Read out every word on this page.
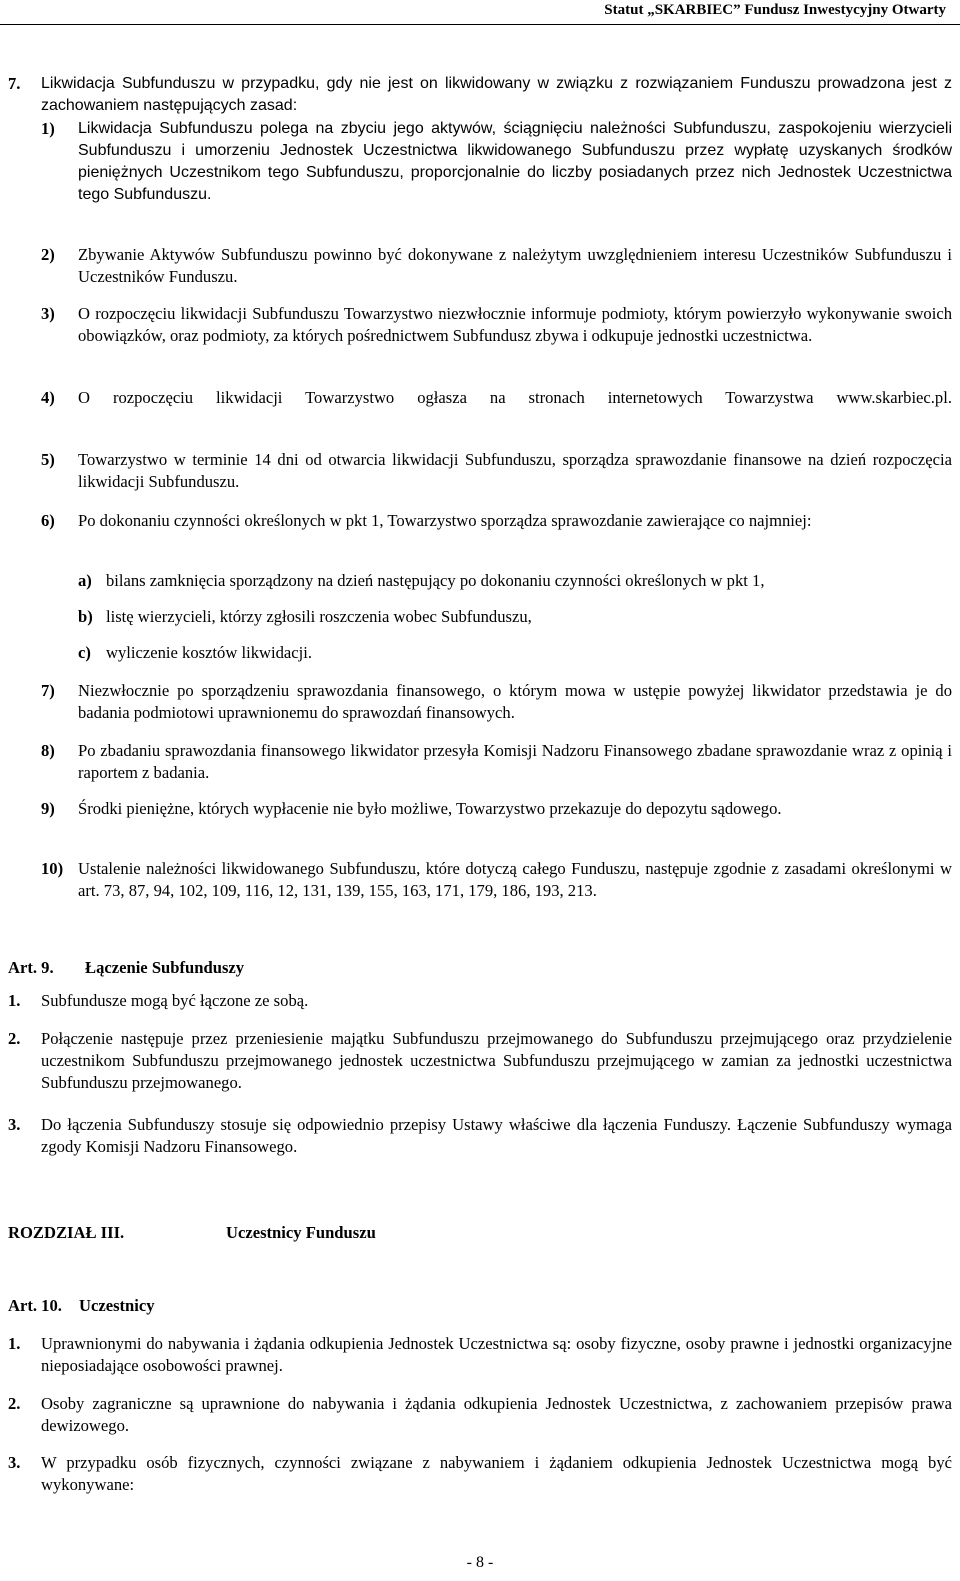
Statut „SKARBIEC” Fundusz Inwestycyjny Otwarty
7. Likwidacja Subfunduszu w przypadku, gdy nie jest on likwidowany w związku z rozwiązaniem Funduszu prowadzona jest z zachowaniem następujących zasad:
1) Likwidacja Subfunduszu polega na zbyciu jego aktywów, ściągnięciu należności Subfunduszu, zaspokojeniu wierzycieli Subfunduszu i umorzeniu Jednostek Uczestnictwa likwidowanego Subfunduszu przez wypłatę uzyskanych środków pieniężnych Uczestnikom tego Subfunduszu, proporcjonalnie do liczby posiadanych przez nich Jednostek Uczestnictwa tego Subfunduszu.
2) Zbywanie Aktywów Subfunduszu powinno być dokonywane z należytym uwzględnieniem interesu Uczestników Subfunduszu i Uczestników Funduszu.
3) O rozpoczęciu likwidacji Subfunduszu Towarzystwo niezwłocznie informuje podmioty, którym powierzyło wykonywanie swoich obowiązków, oraz podmioty, za których pośrednictwem Subfundusz zbywa i odkupuje jednostki uczestnictwa.
4) O rozpoczęciu likwidacji Towarzystwo ogłasza na stronach internetowych Towarzystwa www.skarbiec.pl.
5) Towarzystwo w terminie 14 dni od otwarcia likwidacji Subfunduszu, sporządza sprawozdanie finansowe na dzień rozpoczęcia likwidacji Subfunduszu.
6) Po dokonaniu czynności określonych w pkt 1, Towarzystwo sporządza sprawozdanie zawierające co najmniej:
a) bilans zamknięcia sporządzony na dzień następujący po dokonaniu czynności określonych w pkt 1,
b) listę wierzycieli, którzy zgłosili roszczenia wobec Subfunduszu,
c) wyliczenie kosztów likwidacji.
7) Niezwłocznie po sporządzeniu sprawozdania finansowego, o którym mowa w ustępie powyżej likwidator przedstawia je do badania podmiotowi uprawnionemu do sprawozdań finansowych.
8) Po zbadaniu sprawozdania finansowego likwidator przesyła Komisji Nadzoru Finansowego zbadane sprawozdanie wraz z opinią i raportem z badania.
9) Środki pieniężne, których wypłacenie nie było możliwe, Towarzystwo przekazuje do depozytu sądowego.
10) Ustalenie należności likwidowanego Subfunduszu, które dotyczą całego Funduszu, następuje zgodnie z zasadami określonymi w art. 73, 87, 94, 102, 109, 116, 12, 131, 139, 155, 163, 171, 179, 186, 193, 213.
Art. 9. Łączenie Subfunduszy
1. Subfundusze mogą być łączone ze sobą.
2. Połączenie następuje przez przeniesienie majątku Subfunduszu przejmowanego do Subfunduszu przejmującego oraz przydzielenie uczestnikom Subfunduszu przejmowanego jednostek uczestnictwa Subfunduszu przejmującego w zamian za jednostki uczestnictwa Subfunduszu przejmowanego.
3. Do łączenia Subfunduszy stosuje się odpowiednio przepisy Ustawy właściwe dla łączenia Funduszy. Łączenie Subfunduszy wymaga zgody Komisji Nadzoru Finansowego.
ROZDZIAŁ III.	Uczestnicy Funduszu
Art. 10. Uczestnicy
1. Uprawnionymi do nabywania i żądania odkupienia Jednostek Uczestnictwa są: osoby fizyczne, osoby prawne i jednostki organizacyjne nieposiadające osobowości prawnej.
2. Osoby zagraniczne są uprawnione do nabywania i żądania odkupienia Jednostek Uczestnictwa, z zachowaniem przepisów prawa dewizowego.
3. W przypadku osób fizycznych, czynności związane z nabywaniem i żądaniem odkupienia Jednostek Uczestnictwa mogą być wykonywane:
- 8 -
